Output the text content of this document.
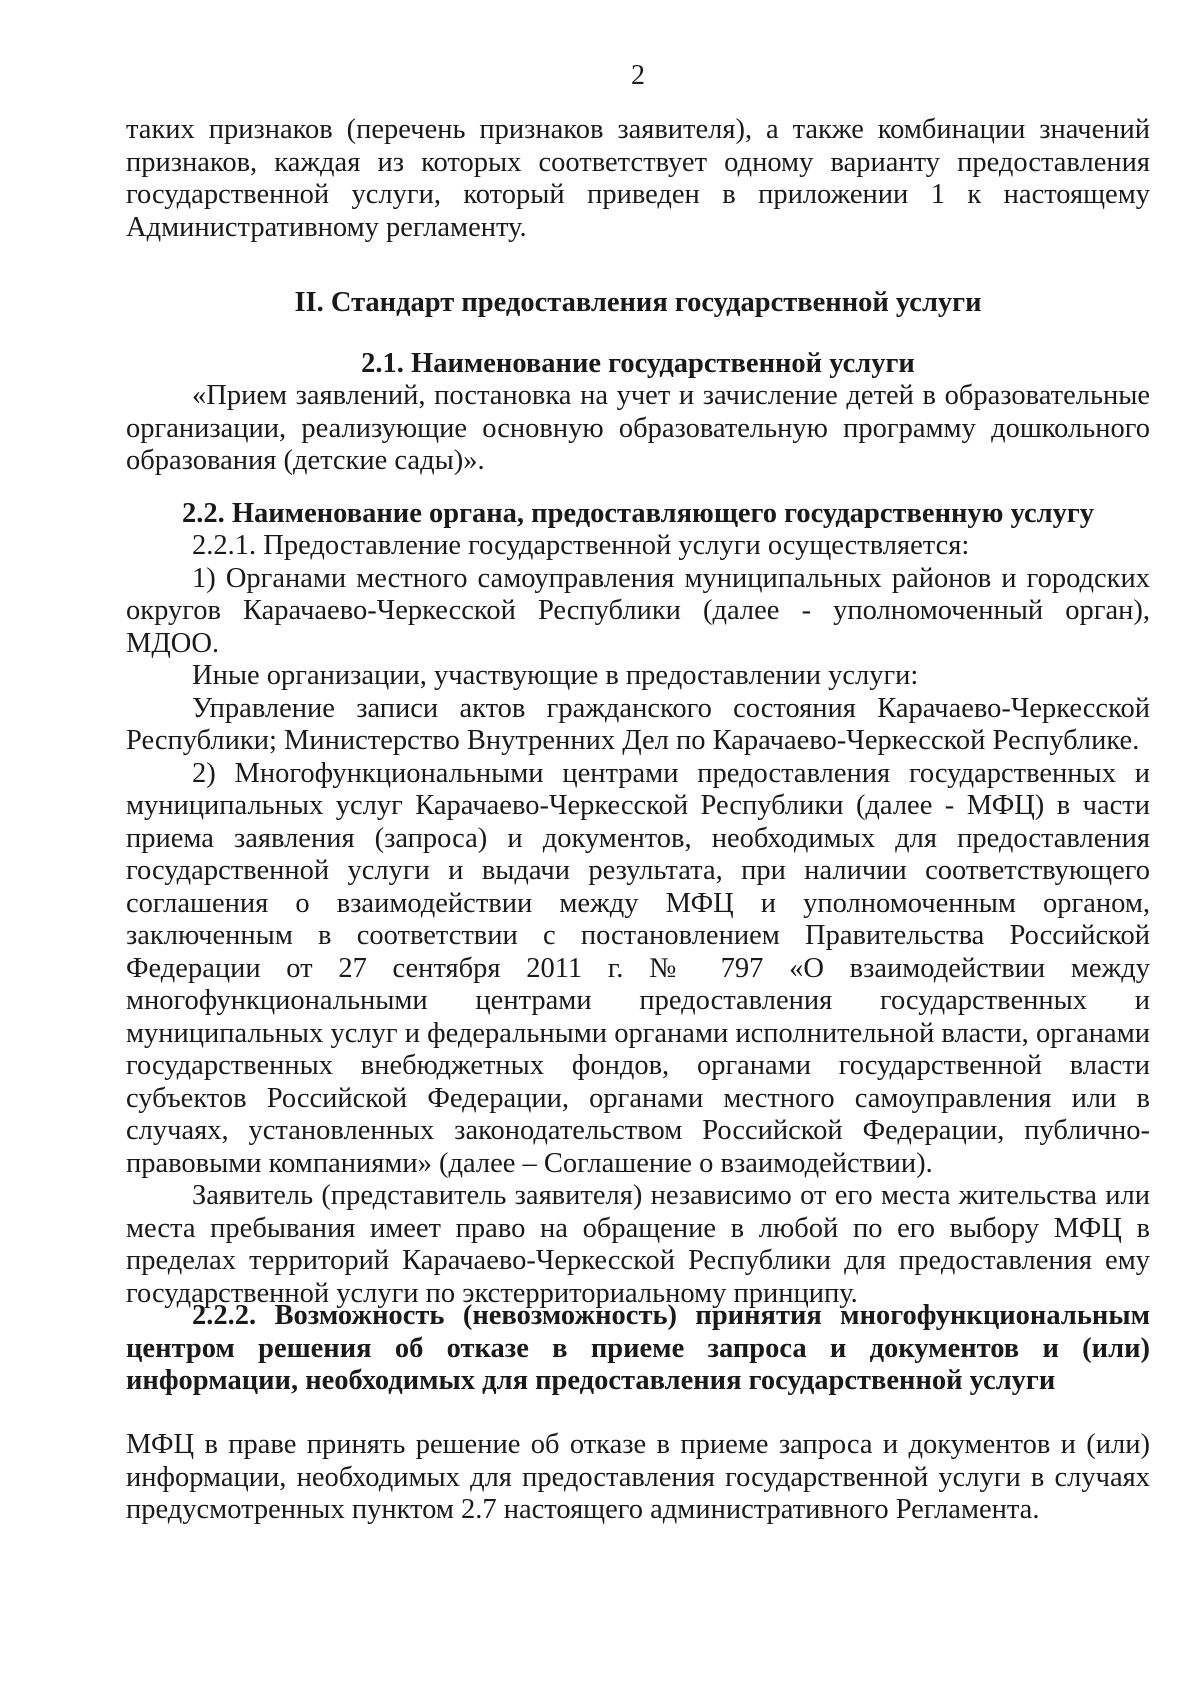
2

таких признаков (перечень признаков заявителя), а также комбинации значений признаков, каждая из которых соответствует одному варианту предоставления государственной услуги, который приведен в приложении 1 к настоящему Административному регламенту.

II. Стандарт предоставления государственной услуги
2.1. Наименование государственной услуги

«Прием заявлений, постановка на учет и зачисление детей в образовательные организации, реализующие основную образовательную программу дошкольного образования (детские сады)».

2.2. Наименование органа, предоставляющего государственную услугу

2.2.1. Предоставление государственной услуги осуществляется:

1) Органами местного самоуправления муниципальных районов и городских округов Карачаево-Черкесской Республики (далее - уполномоченный орган), МДОО.

Иные организации, участвующие в предоставлении услуги:

Управление записи актов гражданского состояния Карачаево-Черкесской Республики; Министерство Внутренних Дел по Карачаево-Черкесской Республике.

2) Многофункциональными центрами предоставления государственных и муниципальных услуг Карачаево-Черкесской Республики (далее - МФЦ) в части приема заявления (запроса) и документов, необходимых для предоставления государственной услуги и выдачи результата, при наличии соответствующего соглашения о взаимодействии между МФЦ и уполномоченным органом, заключенным в соответствии с постановлением Правительства Российской Федерации от 27 сентября 2011 г. № 797 «О взаимодействии между многофункциональными центрами предоставления государственных и муниципальных услуг и федеральными органами исполнительной власти, органами государственных внебюджетных фондов, органами государственной власти субъектов Российской Федерации, органами местного самоуправления или в случаях, установленных законодательством Российской Федерации, публично-правовыми компаниями» (далее – Соглашение о взаимодействии).

Заявитель (представитель заявителя) независимо от его места жительства или места пребывания имеет право на обращение в любой по его выбору МФЦ в пределах территорий Карачаево-Черкесской Республики для предоставления ему государственной услуги по экстерриториальному принципу.

2.2.2. Возможность (невозможность) принятия многофункциональным центром решения об отказе в приеме запроса и документов и (или) информации, необходимых для предоставления государственной услуги

МФЦ в праве принять решение об отказе в приеме запроса и документов и (или) информации, необходимых для предоставления государственной услуги в случаях предусмотренных пунктом 2.7 настоящего административного Регламента.
